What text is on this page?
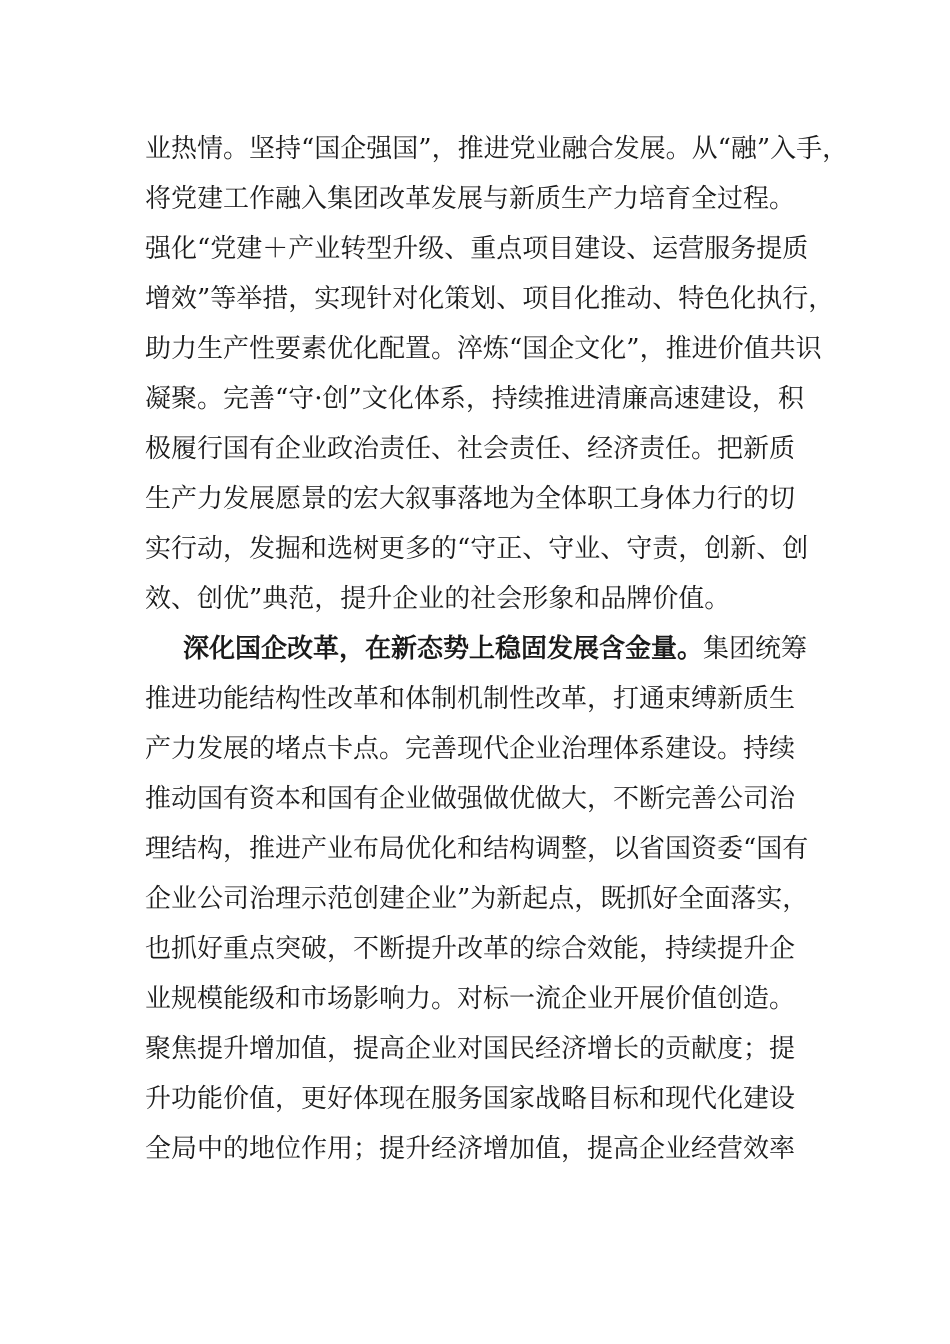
业热情。坚持“国企强国”，推进党业融合发展。从“融”入手，
将党建工作融入集团改革发展与新质生产力培育全过程。
强化“党建＋产业转型升级、重点项目建设、运营服务提质
增效”等举措，实现针对化策划、项目化推动、特色化执行，
助力生产性要素优化配置。淬炼“国企文化”，推进价值共识
凝聚。完善“守·创”文化体系，持续推进清廉高速建设，积
极履行国有企业政治责任、社会责任、经济责任。把新质
生产力发展愿景的宏大叙事落地为全体职工身体力行的切
实行动，发掘和选树更多的“守正、守业、守责，创新、创
效、创优”典范，提升企业的社会形象和品牌价值。
深化国企改革，在新态势上稳固发展含金量。集团统筹
推进功能结构性改革和体制机制性改革，打通束缚新质生
产力发展的堵点卡点。完善现代企业治理体系建设。持续
推动国有资本和国有企业做强做优做大，不断完善公司治
理结构，推进产业布局优化和结构调整，以省国资委“国有
企业公司治理示范创建企业”为新起点，既抓好全面落实，
也抓好重点突破，不断提升改革的综合效能，持续提升企
业规模能级和市场影响力。对标一流企业开展价值创造。
聚焦提升增加值，提高企业对国民经济增长的贡献度；提
升功能价值，更好体现在服务国家战略目标和现代化建设
全局中的地位作用；提升经济增加值，提高企业经营效率
